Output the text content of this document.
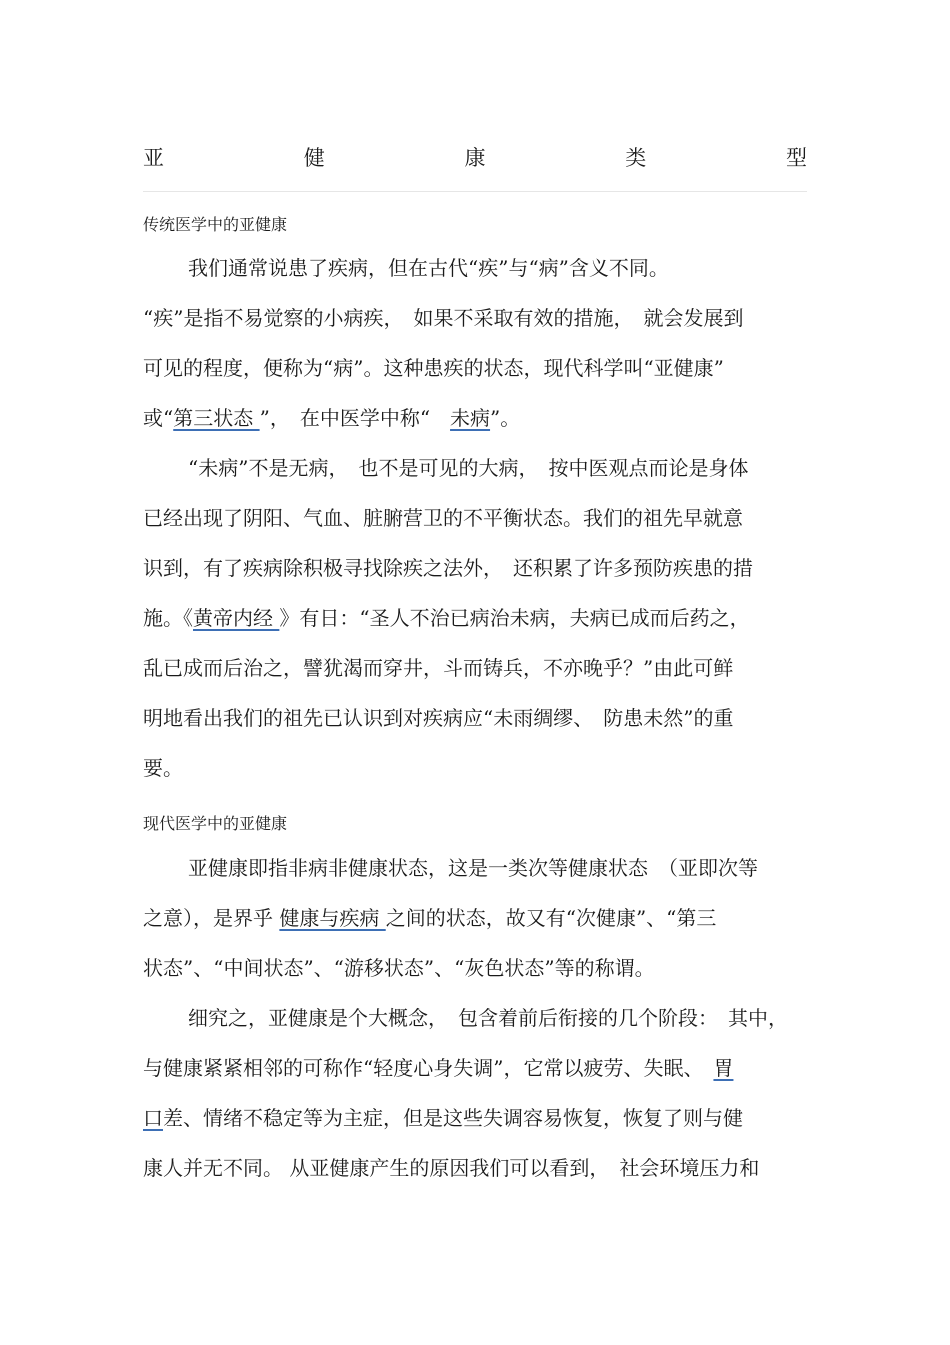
亚	健	康	类	型
传统医学中的亚健康

我们通常说患了疾病，但在古代“疾”与“病”含义不同。

“疾”是指不易觉察的小病疾，　如果不采取有效的措施，　就会发展到

可见的程度，便称为“病”。这种患疾的状态，现代科学叫“亚健康”

或“第三状态 ”，　在中医学中称“　未病”。

“未病”不是无病，　也不是可见的大病，　按中医观点而论是身体

已经出现了阴阳、气血、脏腑营卫的不平衡状态。我们的祖先早就意

识到，有了疾病除积极寻找除疾之法外，　还积累了许多预防疾患的措

施。《黄帝内经 》有日：“圣人不治已病治未病，夫病已成而后药之，

乱已成而后治之，譬犹渴而穿井，斗而铸兵，不亦晚乎？”由此可鲜

明地看出我们的祖先已认识到对疾病应“未雨绸缪、　防患未然”的重

要。

现代医学中的亚健康

亚健康即指非病非健康状态，这是一类次等健康状态　（亚即次等

之意），是界乎 健康与疾病 之间的状态，故又有“次健康”、“第三

状态”、“中间状态”、“游移状态”、“灰色状态”等的称谓。

细究之，亚健康是个大概念，　包含着前后衔接的几个阶段：　其中，

与健康紧紧相邻的可称作“轻度心身失调”，它常以疲劳、失眠、　胃

口差、情绪不稳定等为主症，但是这些失调容易恢复，恢复了则与健

康人并无不同。 从亚健康产生的原因我们可以看到，　社会环境压力和
